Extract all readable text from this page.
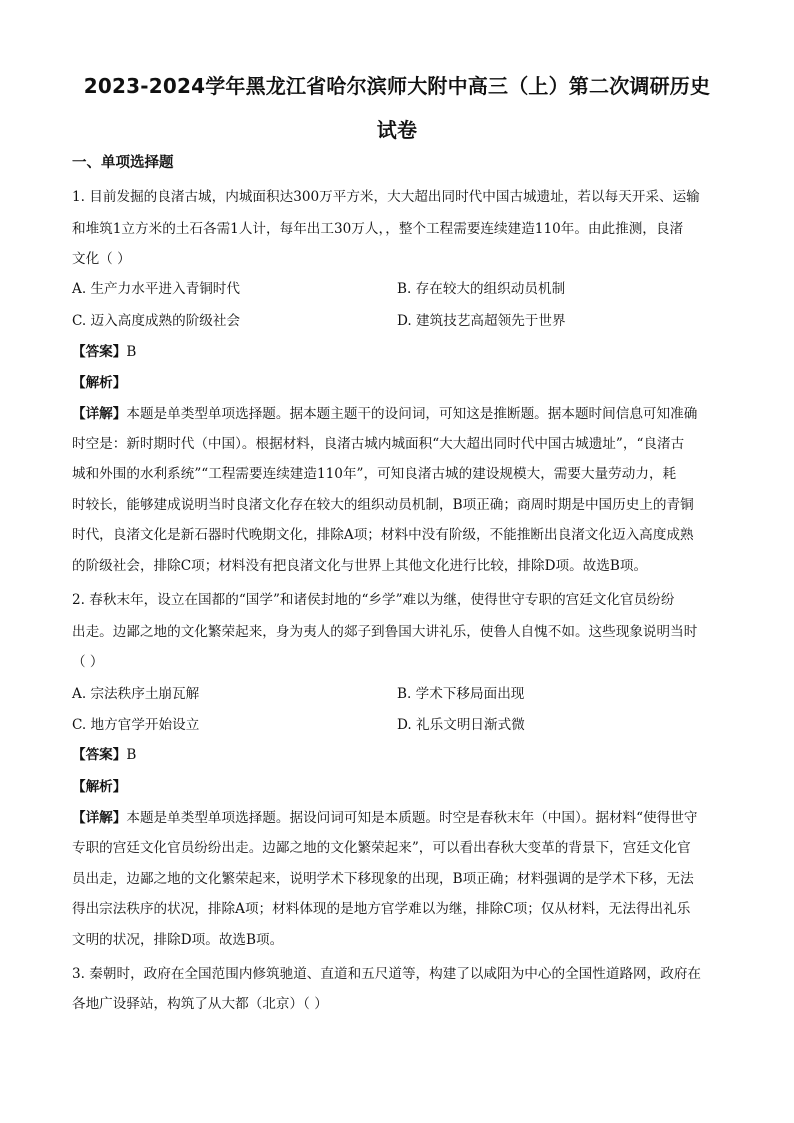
2023-2024学年黑龙江省哈尔滨师大附中高三（上）第二次调研历史
试卷
一、单项选择题
1. 目前发掘的良渚古城，内城面积达300万平方米，大大超出同时代中国古城遗址，若以每天开采、运输
和堆筑1立方米的土石各需1人计，每年出工30万人，，整个工程需要连续建造110年。由此推测，良渚
文化（ ）
A. 生产力水平进入青铜时代	B. 存在较大的组织动员机制
C. 迈入高度成熟的阶级社会	D. 建筑技艺高超领先于世界
【答案】B
【解析】
【详解】本题是单类型单项选择题。据本题主题干的设问词，可知这是推断题。据本题时间信息可知准确
时空是：新时期时代（中国）。根据材料，良渚古城内城面积“大大超出同时代中国古城遗址”，“良渚古
城和外围的水利系统”“工程需要连续建造110年”，可知良渚古城的建设规模大，需要大量劳动力，耗
时较长，能够建成说明当时良渚文化存在较大的组织动员机制，B项正确；商周时期是中国历史上的青铜
时代，良渚文化是新石器时代晚期文化，排除A项；材料中没有阶级，不能推断出良渚文化迈入高度成熟
的阶级社会，排除C项；材料没有把良渚文化与世界上其他文化进行比较，排除D项。故选B项。
2. 春秋末年，设立在国都的“国学”和诸侯封地的“乡学”难以为继，使得世守专职的宫廷文化官员纷纷
出走。边鄙之地的文化繁荣起来，身为夷人的郯子到鲁国大讲礼乐，使鲁人自愧不如。这些现象说明当时
（ ）
A. 宗法秩序土崩瓦解	B. 学术下移局面出现
C. 地方官学开始设立	D. 礼乐文明日渐式微
【答案】B
【解析】
【详解】本题是单类型单项选择题。据设问词可知是本质题。时空是春秋末年（中国）。据材料“使得世守
专职的宫廷文化官员纷纷出走。边鄙之地的文化繁荣起来”，可以看出春秋大变革的背景下，宫廷文化官
员出走，边鄙之地的文化繁荣起来，说明学术下移现象的出现，B项正确；材料强调的是学术下移，无法
得出宗法秩序的状况，排除A项；材料体现的是地方官学难以为继，排除C项；仅从材料，无法得出礼乐
文明的状况，排除D项。故选B项。
3. 秦朝时，政府在全国范围内修筑驰道、直道和五尺道等，构建了以咸阳为中心的全国性道路网，政府在
各地广设驿站，构筑了从大都（北京）（ ）
